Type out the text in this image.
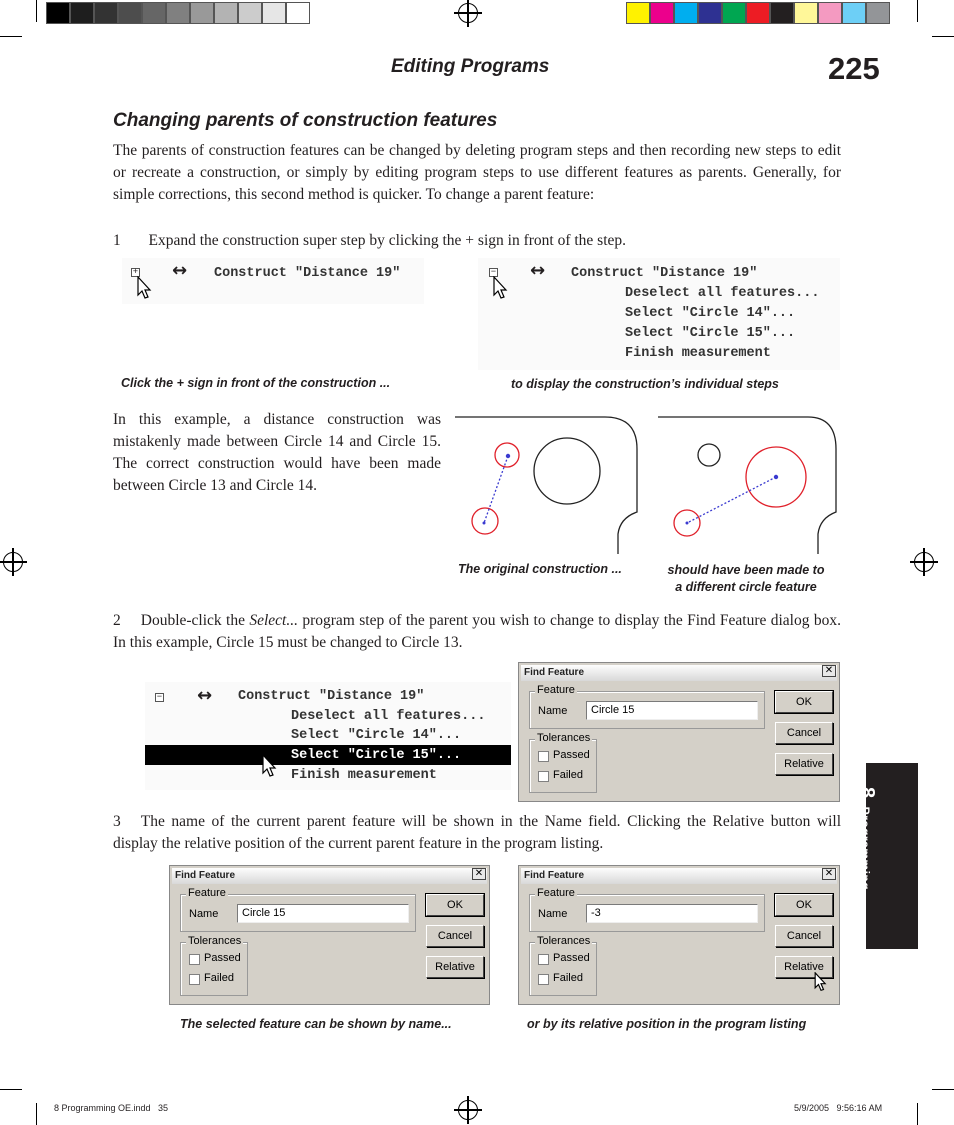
Editing Programs	225
8 Programming
Changing parents of construction features
The parents of construction features can be changed by deleting program steps and then recording new steps to edit or recreate a construction, or simply by editing program steps to use different features as parents. Generally, for simple corrections, this second method is quicker. To change a parent feature:
1 Expand the construction super step by clicking the + sign in front of the step.
+ ↔ Construct "Distance 19"	− ↔ Construct "Distance 19"
Deselect all features...
Select "Circle 14"...
Select "Circle 15"...
Finish measurement
Click the + sign in front of the construction ...	to display the construction’s individual steps
In this example, a distance construction was mistakenly made between Circle 14 and Circle 15. The correct construction would have been made between Circle 13 and Circle 14.
The original construction ...	should have been made to
a different circle feature
2 Double-click the Select... program step of the parent you wish to change to display the Find Feature dialog box. In this example, Circle 15 must be changed to Circle 13.
− ↔ Construct "Distance 19"
Deselect all features...
Select "Circle 14"...
Select "Circle 15"...
Finish measurement
Find Feature	✕
Feature
Name	Circle 15
Tolerances
Passed
Failed
OK
Cancel
Relative
3 The name of the current parent feature will be shown in the Name field. Clicking the Relative button will display the relative position of the current parent feature in the program listing.
Find Feature	✕
Feature
Name	Circle 15
Tolerances
Passed
Failed
OK
Cancel
Relative
Find Feature	✕
Feature
Name	-3
Tolerances
Passed
Failed
OK
Cancel
Relative
The selected feature can be shown by name...	or by its relative position in the program listing
8 Programming OE.indd   35	5/9/2005   9:56:16 AM
